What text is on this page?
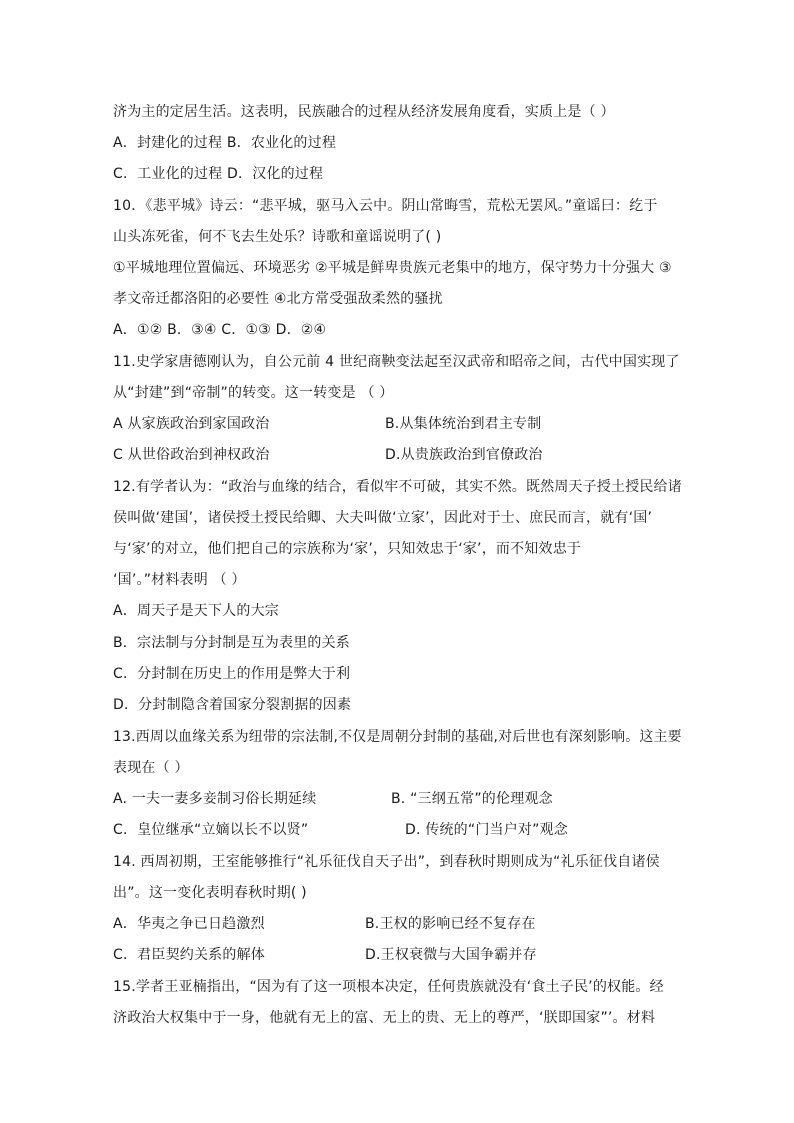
济为主的定居生活。这表明，民族融合的过程从经济发展角度看，实质上是（ ）
A．封建化的过程 B．农业化的过程
C．工业化的过程 D．汉化的过程
10．《悲平城》诗云：“悲平城，驱马入云中。阴山常晦雪，荒松无罢风。”童谣曰：纥于
山头冻死雀，何不飞去生处乐？诗歌和童谣说明了( )
①平城地理位置偏远、环境恶劣 ②平城是鲜卑贵族元老集中的地方，保守势力十分强大 ③
孝文帝迁都洛阳的必要性 ④北方常受强敌柔然的骚扰
A．①② B．③④ C．①③ D．②④
11.史学家唐德刚认为，自公元前 4 世纪商鞅变法起至汉武帝和昭帝之间，古代中国实现了
从“封建”到“帝制”的转变。这一转变是 （ ）
A 从家族政治到家国政治	B.从集体统治到君主专制
C 从世俗政治到神权政治	D.从贵族政治到官僚政治
12.有学者认为：“政治与血缘的结合，看似牢不可破，其实不然。既然周天子授土授民给诸
侯叫做‘建国’，诸侯授土授民给卿、大夫叫做‘立家’，因此对于士、庶民而言，就有‘国’
与‘家’的对立，他们把自己的宗族称为‘家’，只知效忠于‘家’，而不知效忠于
‘国’。”材料表明 （ ）
A．周天子是天下人的大宗
B．宗法制与分封制是互为表里的关系
C．分封制在历史上的作用是弊大于利
D．分封制隐含着国家分裂割据的因素
13.西周以血缘关系为纽带的宗法制,不仅是周朝分封制的基础,对后世也有深刻影响。这主要
表现在（ ）
A. 一夫一妻多妾制习俗长期延续	B. “三纲五常”的伦理观念
C．皇位继承“立嫡以长不以贤”	D. 传统的“门当户对”观念
14. 西周初期，王室能够推行“礼乐征伐自天子出”，到春秋时期则成为“礼乐征伐自诸侯
出”。这一变化表明春秋时期( )
A．华夷之争已日趋激烈	B.王权的影响已经不复存在
C．君臣契约关系的解体	D.王权衰微与大国争霸并存
15.学者王亚楠指出，“因为有了这一项根本决定，任何贵族就没有‘食土子民’的权能。经
济政治大权集中于一身，他就有无上的富、无上的贵、无上的尊严，‘朕即国家”’。材料
